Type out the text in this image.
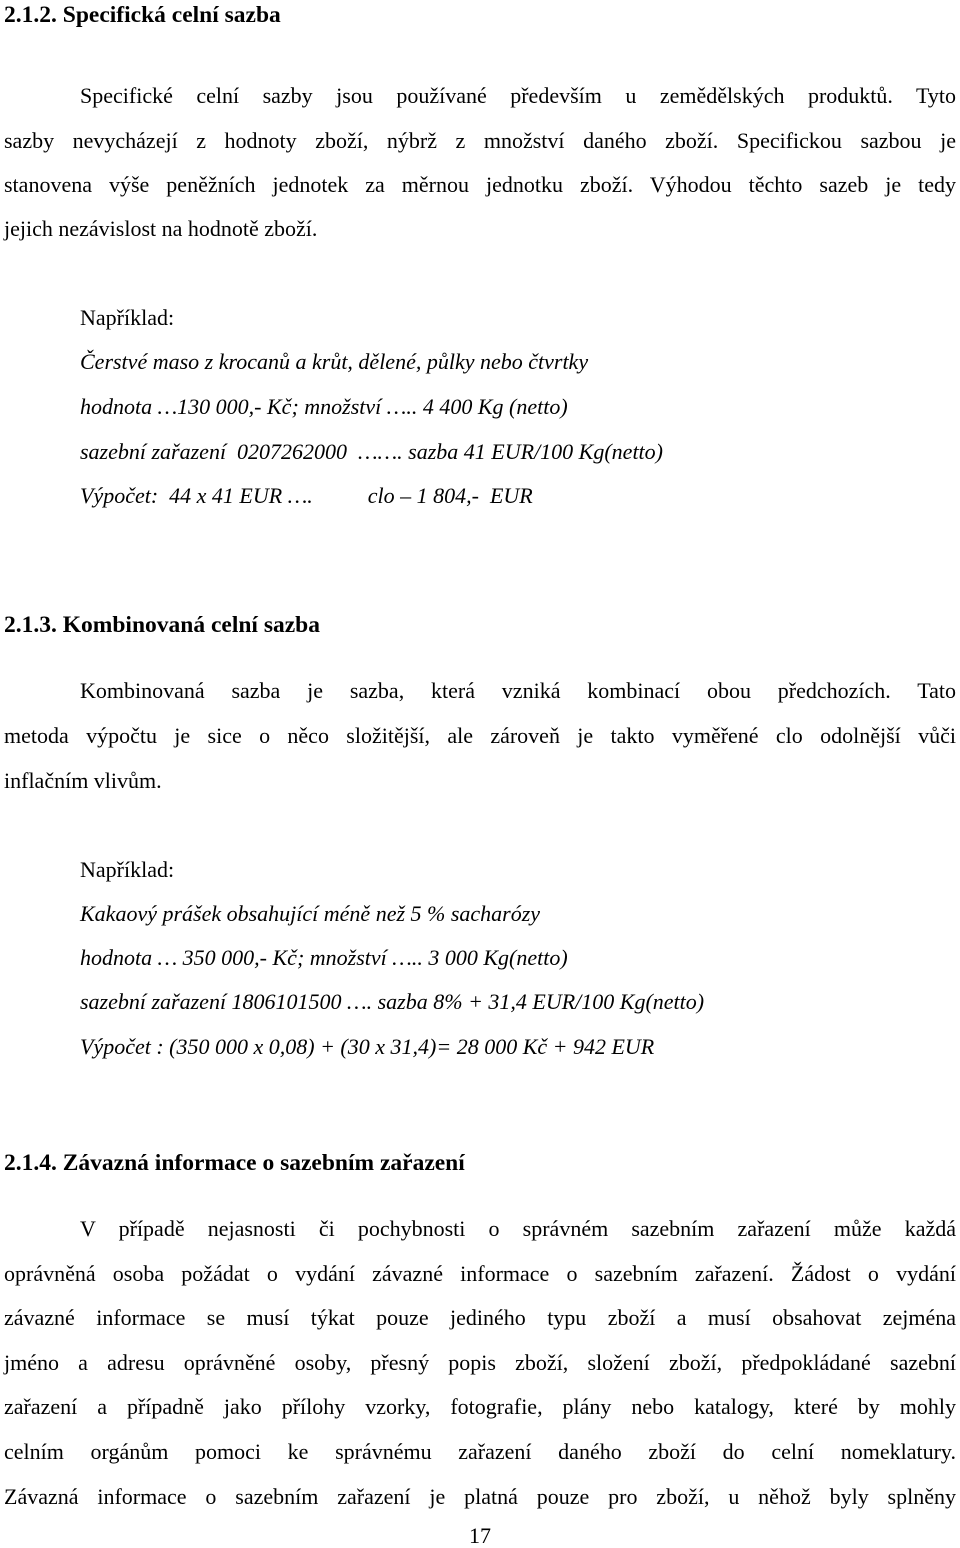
2.1.2. Specifická celní sazba
Specifické celní sazby jsou používané především u zemědělských produktů. Tyto
sazby nevycházejí z hodnoty zboží, nýbrž z množství daného zboží. Specifickou sazbou je
stanovena výše peněžních jednotek za měrnou jednotku zboží. Výhodou těchto sazeb je tedy
jejich nezávislost na hodnotě zboží.
Například:
Čerstvé maso z krocanů a krůt, dělené, půlky nebo čtvrtky
hodnota …130 000,- Kč; množství ….. 4 400 Kg (netto)
sazební zařazení  0207262000  ……. sazba 41 EUR/100 Kg(netto)
Výpočet:  44 x 41 EUR ….          clo – 1 804,-  EUR
2.1.3. Kombinovaná celní sazba
Kombinovaná sazba je sazba, která vzniká kombinací obou předchozích. Tato
metoda výpočtu je sice o něco složitější, ale zároveň je takto vyměřené clo odolnější vůči
inflačním vlivům.
Například:
Kakaový prášek obsahující méně než 5 % sacharózy
hodnota … 350 000,- Kč; množství ….. 3 000 Kg(netto)
sazební zařazení 1806101500 …. sazba 8% + 31,4 EUR/100 Kg(netto)
Výpočet : (350 000 x 0,08) + (30 x 31,4)= 28 000 Kč + 942 EUR
2.1.4. Závazná informace o sazebním zařazení
V případě nejasnosti či pochybnosti o správném sazebním zařazení může každá
oprávněná osoba požádat o vydání závazné informace o sazebním zařazení. Žádost o vydání
závazné informace se musí týkat pouze jediného typu zboží a musí obsahovat zejména
jméno a adresu oprávněné osoby, přesný popis zboží, složení zboží, předpokládané sazební
zařazení a případně jako přílohy vzorky, fotografie, plány nebo katalogy, které by mohly
celním orgánům pomoci ke správnému zařazení daného zboží do celní nomeklatury.
Závazná informace o sazebním zařazení je platná pouze pro zboží, u něhož byly splněny
17
